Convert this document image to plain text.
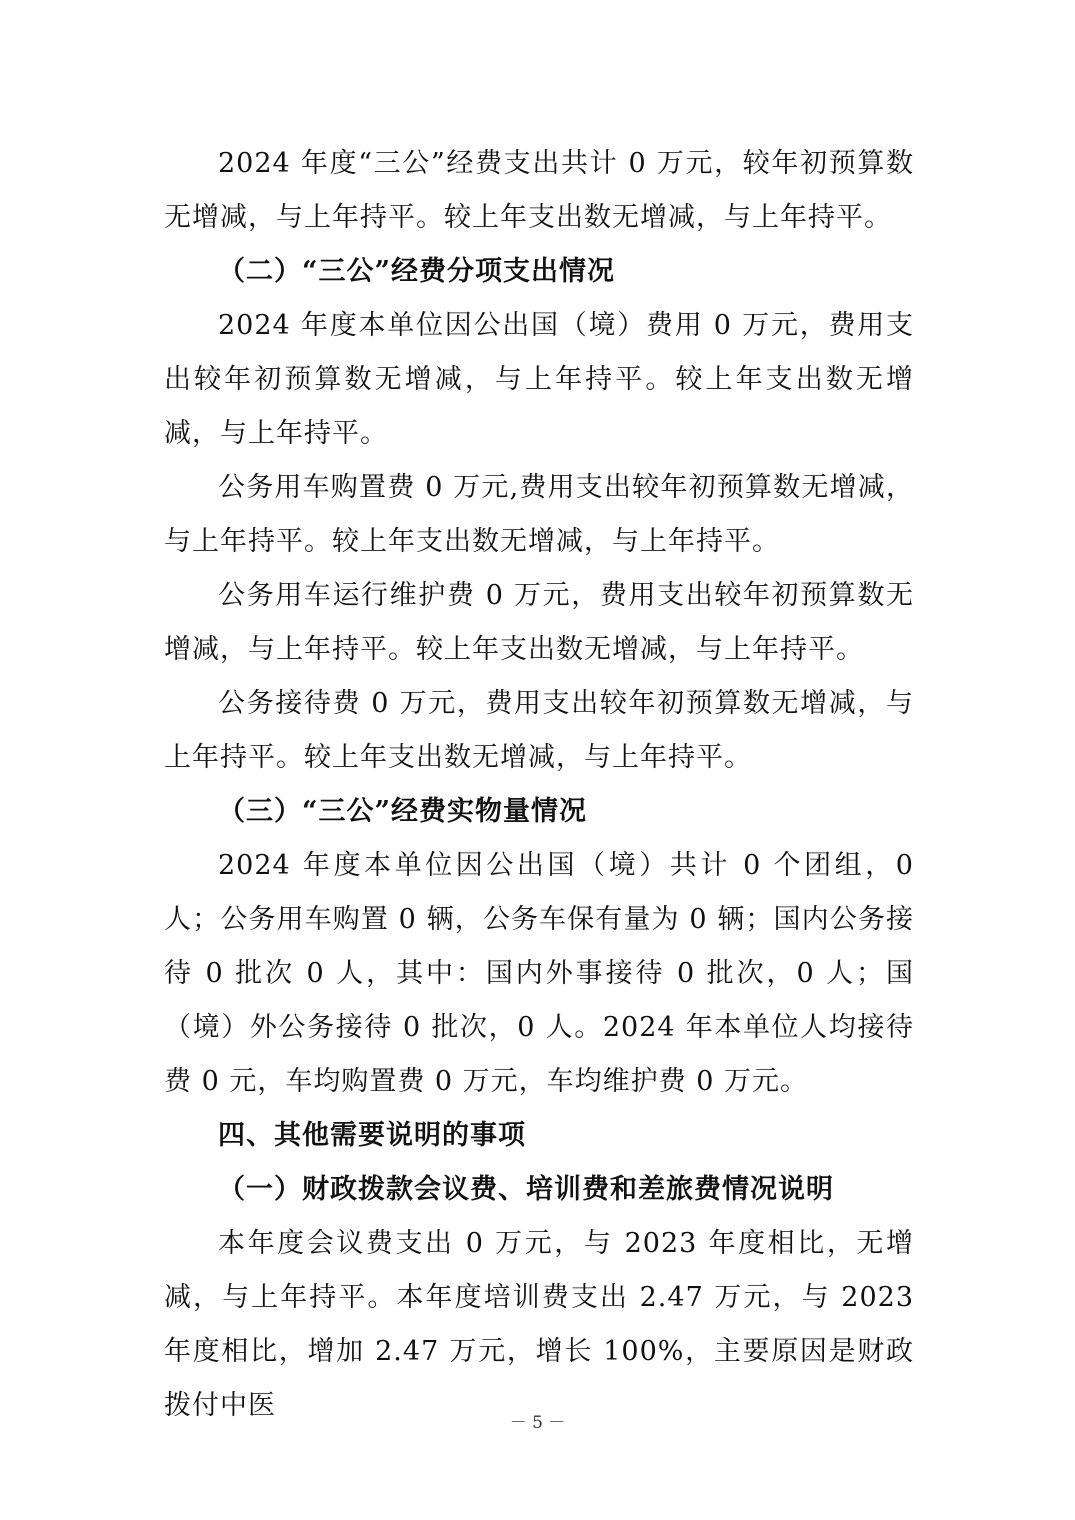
2024 年度“三公”经费支出共计 0 万元，较年初预算数无增减，与上年持平。较上年支出数无增减，与上年持平。

（二）“三公”经费分项支出情况

2024 年度本单位因公出国（境）费用 0 万元，费用支出较年初预算数无增减，与上年持平。较上年支出数无增减，与上年持平。

公务用车购置费 0 万元,费用支出较年初预算数无增减，与上年持平。较上年支出数无增减，与上年持平。

公务用车运行维护费 0 万元，费用支出较年初预算数无增减，与上年持平。较上年支出数无增减，与上年持平。

公务接待费 0 万元，费用支出较年初预算数无增减，与上年持平。较上年支出数无增减，与上年持平。

（三）“三公”经费实物量情况

2024 年度本单位因公出国（境）共计 0 个团组，0 人；公务用车购置 0 辆，公务车保有量为 0 辆；国内公务接待 0 批次 0 人，其中：国内外事接待 0 批次，0 人；国（境）外公务接待 0 批次，0 人。2024 年本单位人均接待费 0 元，车均购置费 0 万元，车均维护费 0 万元。

四、其他需要说明的事项

（一）财政拨款会议费、培训费和差旅费情况说明

本年度会议费支出 0 万元，与 2023 年度相比，无增减，与上年持平。本年度培训费支出 2.47 万元，与 2023 年度相比，增加 2.47 万元，增长 100%，主要原因是财政拨付中医

－ 5 －
